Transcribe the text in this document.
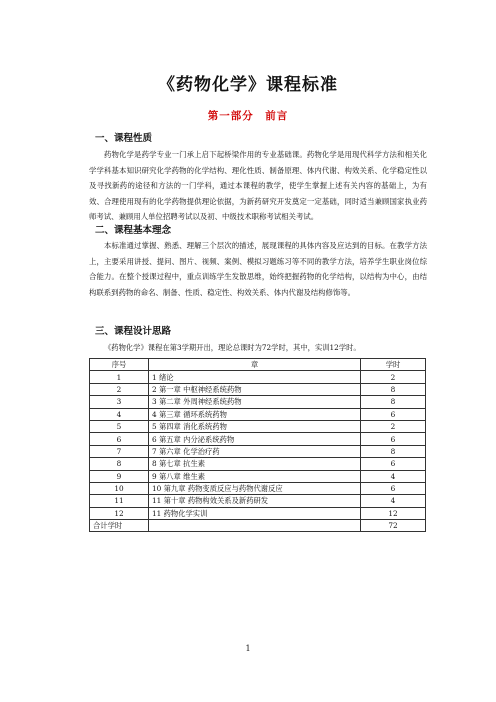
《药物化学》课程标准
第一部分　前言
一、课程性质
药物化学是药学专业一门承上启下起桥梁作用的专业基础课。药物化学是用现代科学方法和相关化学学科基本知识研究化学药物的化学结构、理化性质、制备原理、体内代谢、构效关系、化学稳定性以及寻找新药的途径和方法的一门学科，通过本课程的教学，使学生掌握上述有关内容的基础上，为有效、合理使用现有的化学药物提供理论依据，为新药研究开发奠定一定基础，同时适当兼顾国家执业药师考试、兼顾用人单位招聘考试以及初、中级技术职称考试相关考试。
二、课程基本理念
本标准通过掌握、熟悉、理解三个层次的描述，展现课程的具体内容及应达到的目标。在教学方法上，主要采用讲授、提问、图片、视频、案例、模拟习题练习等不同的教学方法，培养学生职业岗位综合能力。在整个授课过程中，重点训练学生发散思维，始终把握药物的化学结构，以结构为中心，由结构联系到药物的命名、制备、性质、稳定性、构效关系、体内代谢及结构修饰等。
三、课程设计思路
《药物化学》课程在第3学期开出，理论总课时为72学时，其中，实训12学时。
序号	章	学时
1	1 绪论	2
2	2 第一章 中枢神经系统药物	8
3	3 第二章 外周神经系统药物	8
4	4 第三章 循环系统药物	6
5	5 第四章 消化系统药物	2
6	6 第五章 内分泌系统药物	6
7	7 第六章 化学治疗药	8
8	8 第七章 抗生素	6
9	9 第八章 维生素	4
10	10 第九章 药物变质反应与药物代谢反应	6
11	11 第十章 药物构效关系及新药研发	4
12	11 药物化学实训	12
合计学时		72
1
